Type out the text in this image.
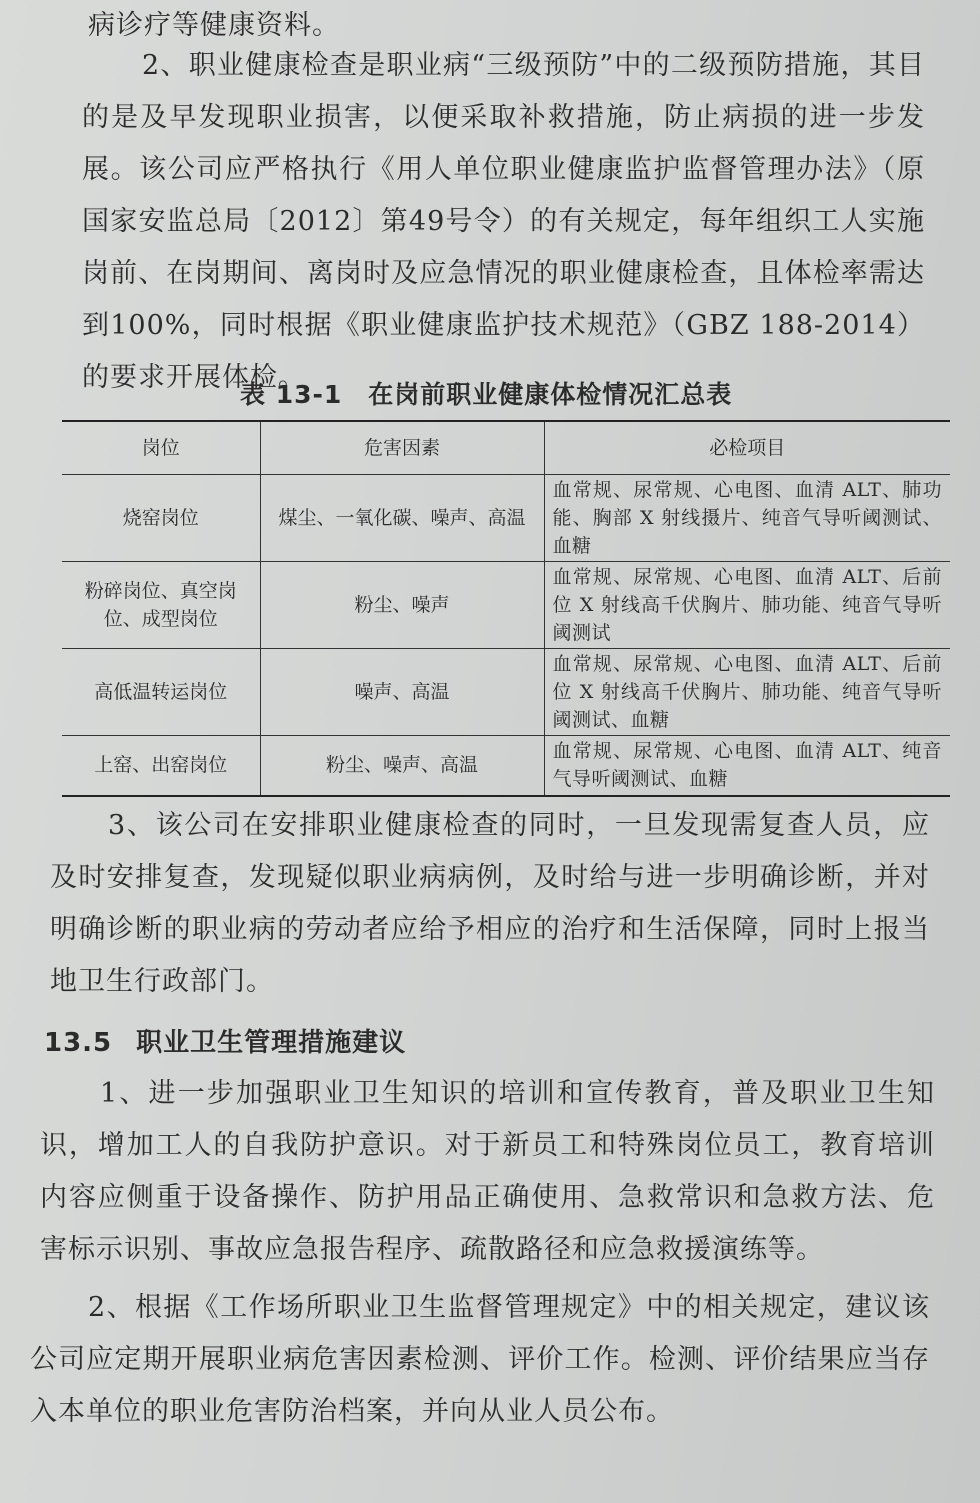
病诊疗等健康资料。

2、职业健康检查是职业病“三级预防”中的二级预防措施，其目的是及早发现职业损害，以便采取补救措施，防止病损的进一步发展。该公司应严格执行《用人单位职业健康监护监督管理办法》（原国家安监总局〔2012〕第49号令）的有关规定，每年组织工人实施岗前、在岗期间、离岗时及应急情况的职业健康检查，且体检率需达到100%，同时根据《职业健康监护技术规范》（GBZ 188-2014）的要求开展体检。

表 13-1 在岗前职业健康体检情况汇总表

岗位	危害因素	必检项目
烧窑岗位	煤尘、一氧化碳、噪声、高温	血常规、尿常规、心电图、血清 ALT、肺功能、胸部 X 射线摄片、纯音气导听阈测试、血糖
粉碎岗位、真空岗位、成型岗位	粉尘、噪声	血常规、尿常规、心电图、血清 ALT、后前位 X 射线高千伏胸片、肺功能、纯音气导听阈测试
高低温转运岗位	噪声、高温	血常规、尿常规、心电图、血清 ALT、后前位 X 射线高千伏胸片、肺功能、纯音气导听阈测试、血糖
上窑、出窑岗位	粉尘、噪声、高温	血常规、尿常规、心电图、血清 ALT、纯音气导听阈测试、血糖

3、该公司在安排职业健康检查的同时，一旦发现需复查人员，应及时安排复查，发现疑似职业病病例，及时给与进一步明确诊断，并对明确诊断的职业病的劳动者应给予相应的治疗和生活保障，同时上报当地卫生行政部门。

13.5 职业卫生管理措施建议

1、进一步加强职业卫生知识的培训和宣传教育，普及职业卫生知识，增加工人的自我防护意识。对于新员工和特殊岗位员工，教育培训内容应侧重于设备操作、防护用品正确使用、急救常识和急救方法、危害标示识别、事故应急报告程序、疏散路径和应急救援演练等。

2、根据《工作场所职业卫生监督管理规定》中的相关规定，建议该公司应定期开展职业病危害因素检测、评价工作。检测、评价结果应当存入本单位的职业危害防治档案，并向从业人员公布。
